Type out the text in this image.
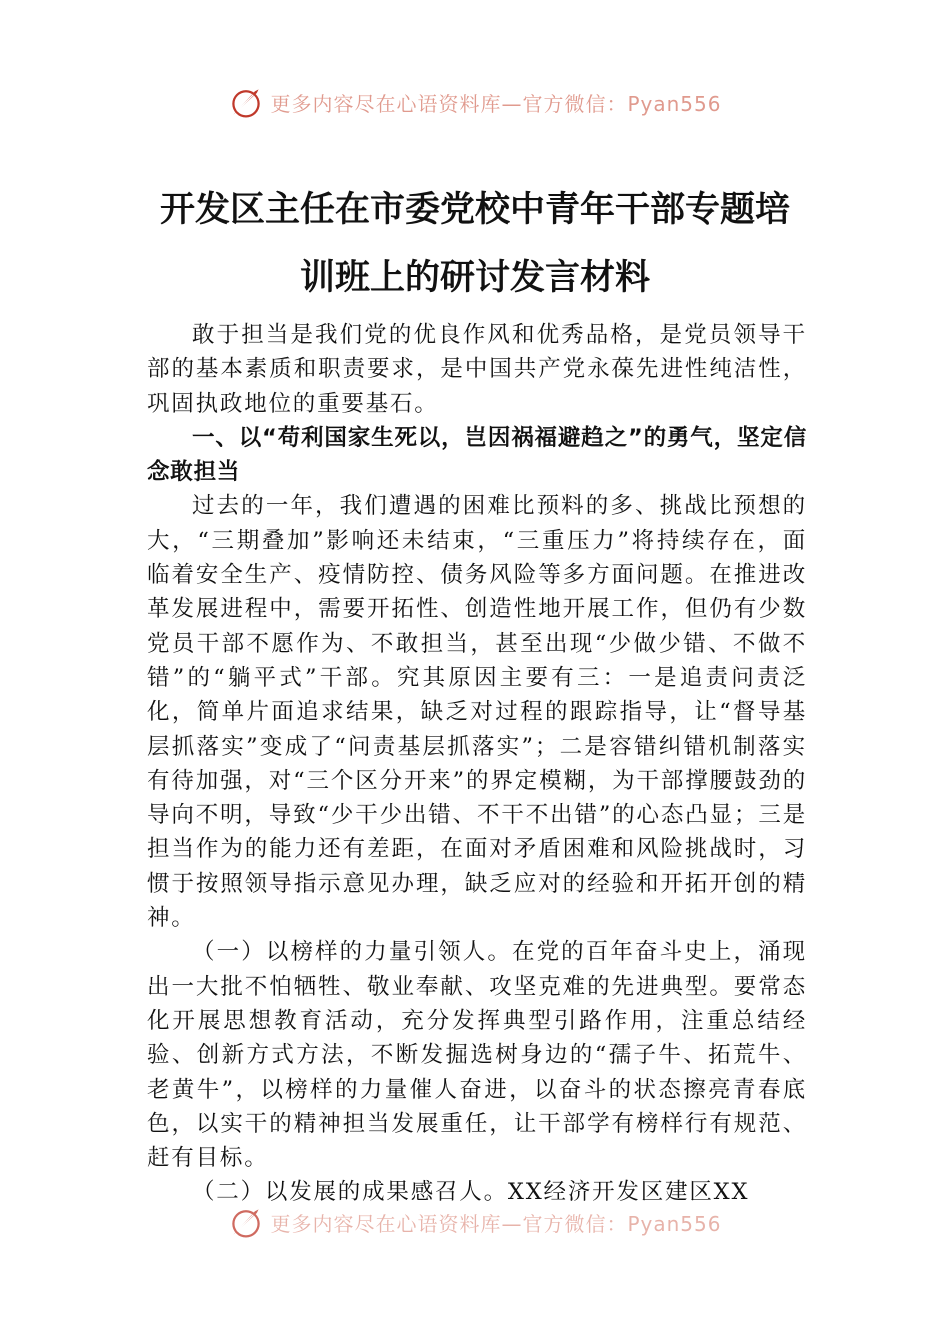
更多内容尽在心语资料库—官方微信：Pyan556
开发区主任在市委党校中青年干部专题培
训班上的研讨发言材料

敢于担当是我们党的优良作风和优秀品格，是党员领导干部的基本素质和职责要求，是中国共产党永葆先进性纯洁性，巩固执政地位的重要基石。

一、以“苟利国家生死以，岂因祸福避趋之”的勇气，坚定信念敢担当

过去的一年，我们遭遇的困难比预料的多、挑战比预想的大，“三期叠加”影响还未结束，“三重压力”将持续存在，面临着安全生产、疫情防控、债务风险等多方面问题。在推进改革发展进程中，需要开拓性、创造性地开展工作，但仍有少数党员干部不愿作为、不敢担当，甚至出现“少做少错、不做不错”的“躺平式”干部。究其原因主要有三：一是追责问责泛化，简单片面追求结果，缺乏对过程的跟踪指导，让“督导基层抓落实”变成了“问责基层抓落实”；二是容错纠错机制落实有待加强，对“三个区分开来”的界定模糊，为干部撑腰鼓劲的导向不明，导致“少干少出错、不干不出错”的心态凸显；三是担当作为的能力还有差距，在面对矛盾困难和风险挑战时，习惯于按照领导指示意见办理，缺乏应对的经验和开拓开创的精神。

（一）以榜样的力量引领人。在党的百年奋斗史上，涌现出一大批不怕牺牲、敬业奉献、攻坚克难的先进典型。要常态化开展思想教育活动，充分发挥典型引路作用，注重总结经验、创新方式方法，不断发掘选树身边的“孺子牛、拓荒牛、老黄牛”，以榜样的力量催人奋进，以奋斗的状态擦亮青春底色，以实干的精神担当发展重任，让干部学有榜样行有规范、赶有目标。

（二）以发展的成果感召人。XX经济开发区建区XX

更多内容尽在心语资料库—官方微信：Pyan556
